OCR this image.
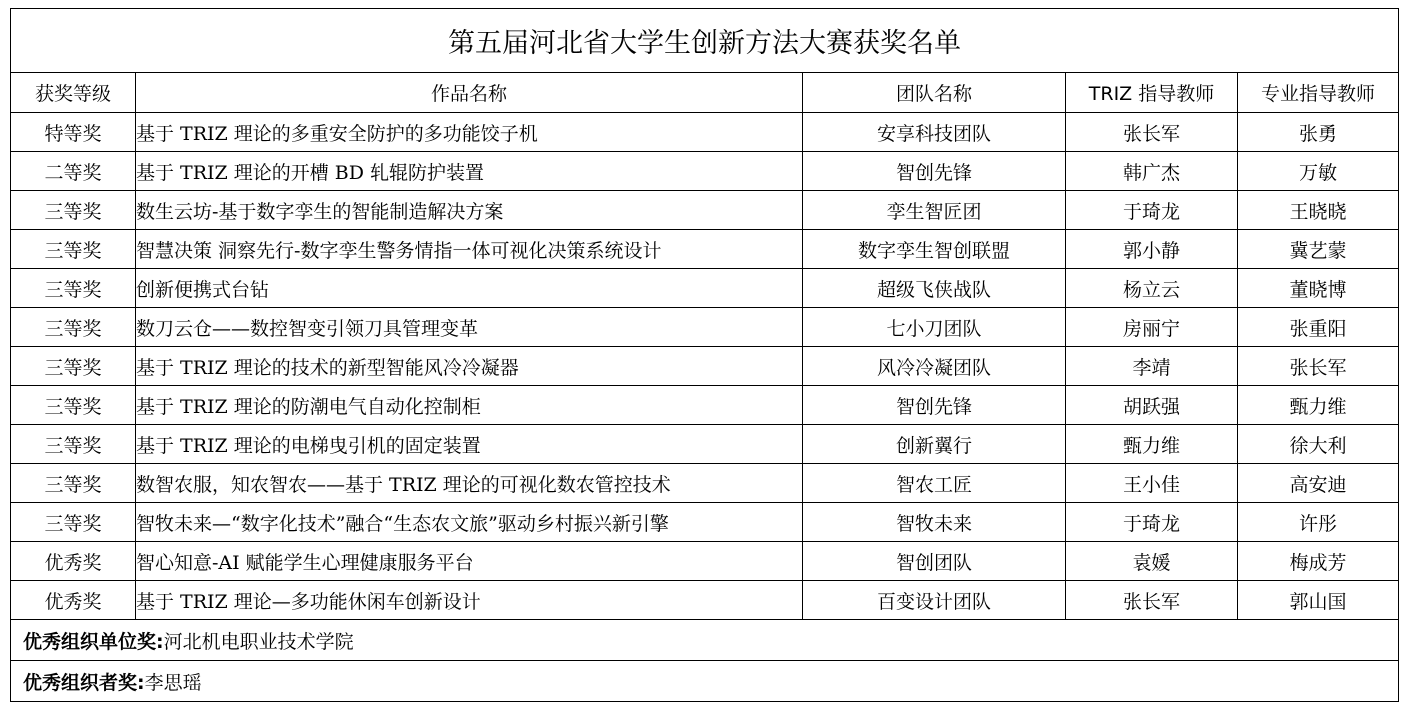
第五届河北省大学生创新方法大赛获奖名单				
获奖等级	作品名称	团队名称	TRIZ 指导教师	专业指导教师
特等奖	基于 TRIZ 理论的多重安全防护的多功能饺子机	安享科技团队	张长军	张勇
二等奖	基于 TRIZ 理论的开槽 BD 轧辊防护装置	智创先锋	韩广杰	万敏
三等奖	数生云坊-基于数字孪生的智能制造解决方案	孪生智匠团	于琦龙	王晓晓
三等奖	智慧决策 洞察先行-数字孪生警务情指一体可视化决策系统设计	数字孪生智创联盟	郭小静	冀艺蒙
三等奖	创新便携式台钻	超级飞侠战队	杨立云	董晓博
三等奖	数刀云仓——数控智变引领刀具管理变革	七小刀团队	房丽宁	张重阳
三等奖	基于 TRIZ 理论的技术的新型智能风冷冷凝器	风冷冷凝团队	李靖	张长军
三等奖	基于 TRIZ 理论的防潮电气自动化控制柜	智创先锋	胡跃强	甄力维
三等奖	基于 TRIZ 理论的电梯曳引机的固定装置	创新翼行	甄力维	徐大利
三等奖	数智农服，知农智农——基于 TRIZ 理论的可视化数农管控技术	智农工匠	王小佳	高安迪
三等奖	智牧未来—“数字化技术”融合“生态农文旅”驱动乡村振兴新引擎	智牧未来	于琦龙	许彤
优秀奖	智心知意-AI 赋能学生心理健康服务平台	智创团队	袁媛	梅成芳
优秀奖	基于 TRIZ 理论—多功能休闲车创新设计	百变设计团队	张长军	郭山国
优秀组织单位奖:河北机电职业技术学院				
优秀组织者奖:李思瑶				
